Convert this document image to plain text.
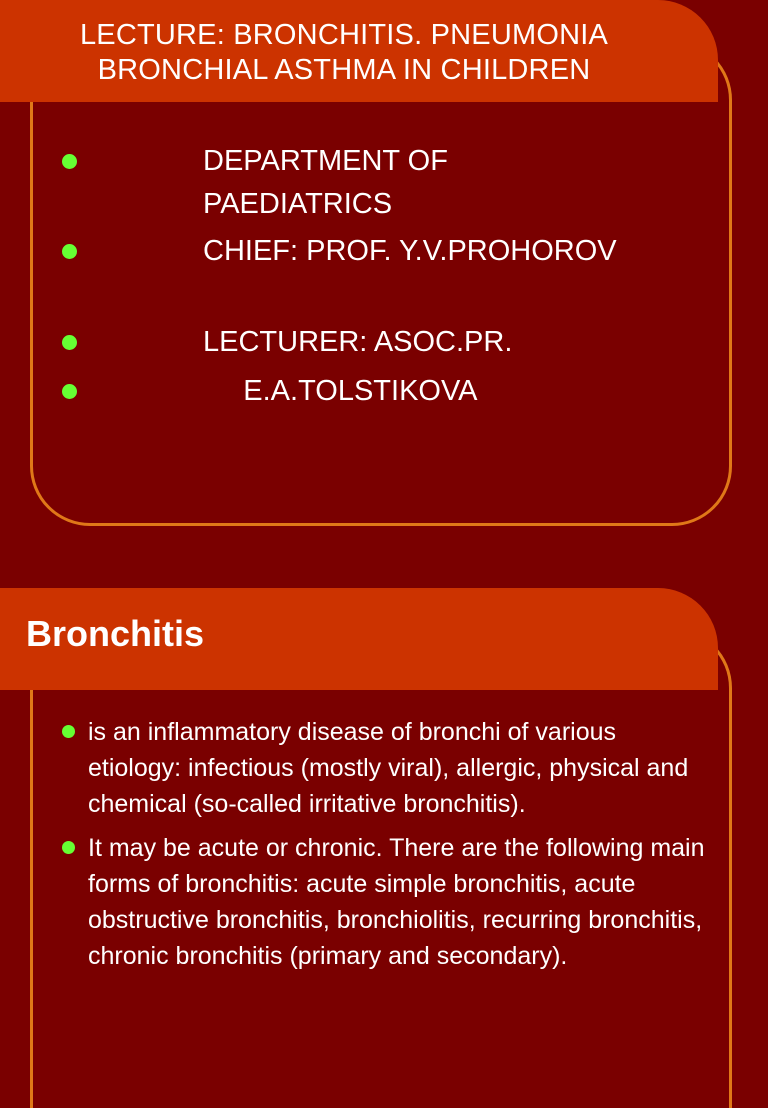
LECTURE: BRONCHITIS. PNEUMONIA
BRONCHIAL ASTHMA IN CHILDREN
DEPARTMENT OF
PAEDIATRICS
CHIEF: PROF. Y.V.PROHOROV
LECTURER: ASOC.PR.
E.A.TOLSTIKOVA
Bronchitis
is an inflammatory disease of bronchi of various etiology: infectious (mostly viral), allergic, physical and chemical (so-called irritative bronchitis).
It may be acute or chronic. There are the following main forms of bronchitis: acute simple bronchitis, acute obstructive bronchitis, bronchiolitis, recurring bronchitis, chronic bronchitis (primary and secondary).
